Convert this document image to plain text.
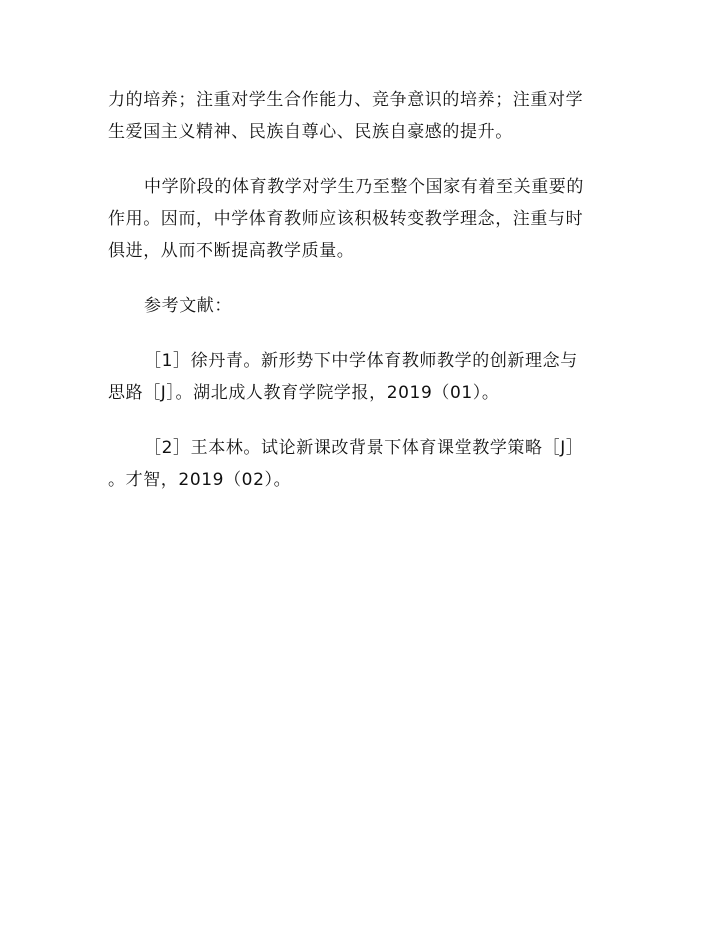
力的培养；注重对学生合作能力、竞争意识的培养；注重对学
生爱国主义精神、民族自尊心、民族自豪感的提升。

中学阶段的体育教学对学生乃至整个国家有着至关重要的
作用。因而，中学体育教师应该积极转变教学理念，注重与时
俱进，从而不断提高教学质量。

参考文献：

［1］徐丹青。新形势下中学体育教师教学的创新理念与
思路［J］。湖北成人教育学院学报，2019（01）。

［2］王本林。试论新课改背景下体育课堂教学策略［J］
。才智，2019（02）。
